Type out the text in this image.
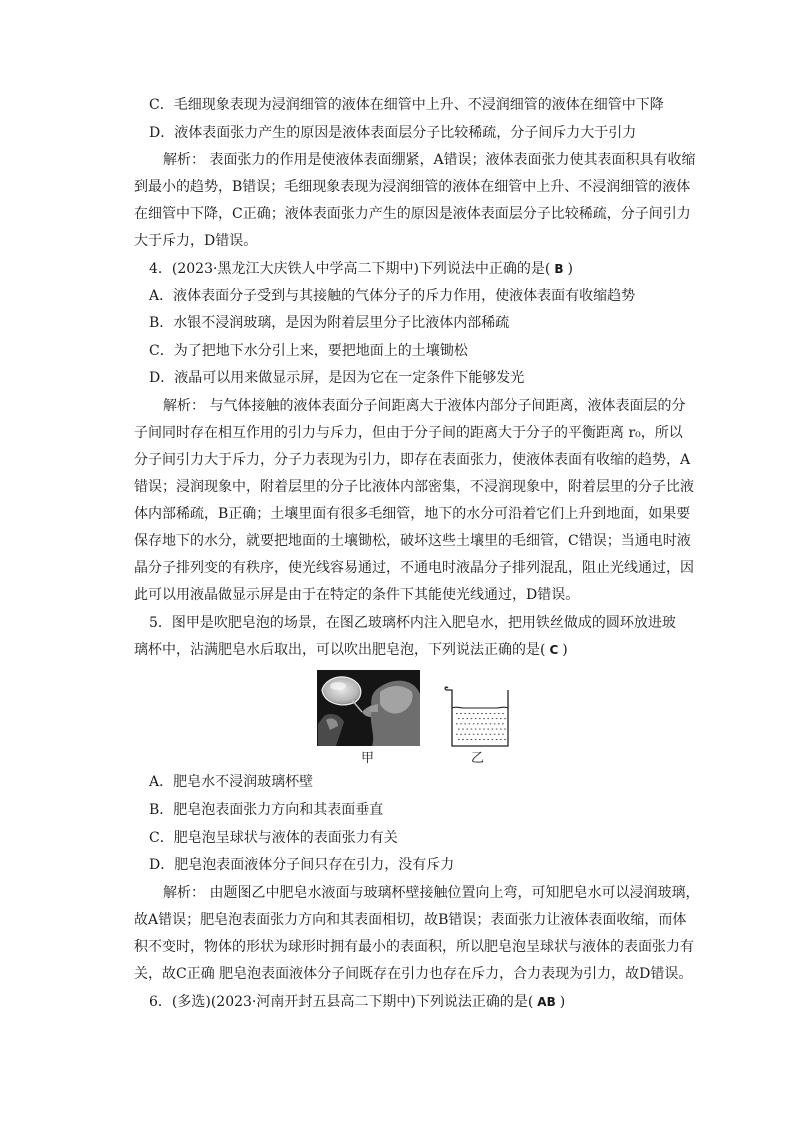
C．毛细现象表现为浸润细管的液体在细管中上升、不浸润细管的液体在细管中下降
D．液体表面张力产生的原因是液体表面层分子比较稀疏，分子间斥力大于引力
解析： 表面张力的作用是使液体表面绷紧，A错误；液体表面张力使其表面积具有收缩
到最小的趋势，B错误；毛细现象表现为浸润细管的液体在细管中上升、不浸润细管的液体
在细管中下降，C正确；液体表面张力产生的原因是液体表面层分子比较稀疏，分子间引力
大于斥力，D错误。
4．(2023·黑龙江大庆铁人中学高二下期中)下列说法中正确的是( B )
A．液体表面分子受到与其接触的气体分子的斥力作用，使液体表面有收缩趋势
B．水银不浸润玻璃，是因为附着层里分子比液体内部稀疏
C．为了把地下水分引上来，要把地面上的土壤锄松
D．液晶可以用来做显示屏，是因为它在一定条件下能够发光
解析： 与气体接触的液体表面分子间距离大于液体内部分子间距离，液体表面层的分
子间同时存在相互作用的引力与斥力，但由于分子间的距离大于分子的平衡距离 r₀，所以
分子间引力大于斥力，分子力表现为引力，即存在表面张力，使液体表面有收缩的趋势，A
错误；浸润现象中，附着层里的分子比液体内部密集，不浸润现象中，附着层里的分子比液
体内部稀疏，B正确；土壤里面有很多毛细管，地下的水分可沿着它们上升到地面，如果要
保存地下的水分，就要把地面的土壤锄松，破坏这些土壤里的毛细管，C错误；当通电时液
晶分子排列变的有秩序，使光线容易通过，不通电时液晶分子排列混乱，阻止光线通过，因
此可以用液晶做显示屏是由于在特定的条件下其能使光线通过，D错误。
5．图甲是吹肥皂泡的场景，在图乙玻璃杯内注入肥皂水，把用铁丝做成的圆环放进玻
璃杯中，沾满肥皂水后取出，可以吹出肥皂泡，下列说法正确的是( C )
A．肥皂水不浸润玻璃杯壁
B．肥皂泡表面张力方向和其表面垂直
C．肥皂泡呈球状与液体的表面张力有关
D．肥皂泡表面液体分子间只存在引力，没有斥力
解析： 由题图乙中肥皂水液面与玻璃杯壁接触位置向上弯，可知肥皂水可以浸润玻璃，
故A错误；肥皂泡表面张力方向和其表面相切，故B错误；表面张力让液体表面收缩，而体
积不变时，物体的形状为球形时拥有最小的表面积，所以肥皂泡呈球状与液体的表面张力有
关，故C正确 肥皂泡表面液体分子间既存在引力也存在斥力，合力表现为引力，故D错误。
6．(多选)(2023·河南开封五县高二下期中)下列说法正确的是( AB )
甲	乙
